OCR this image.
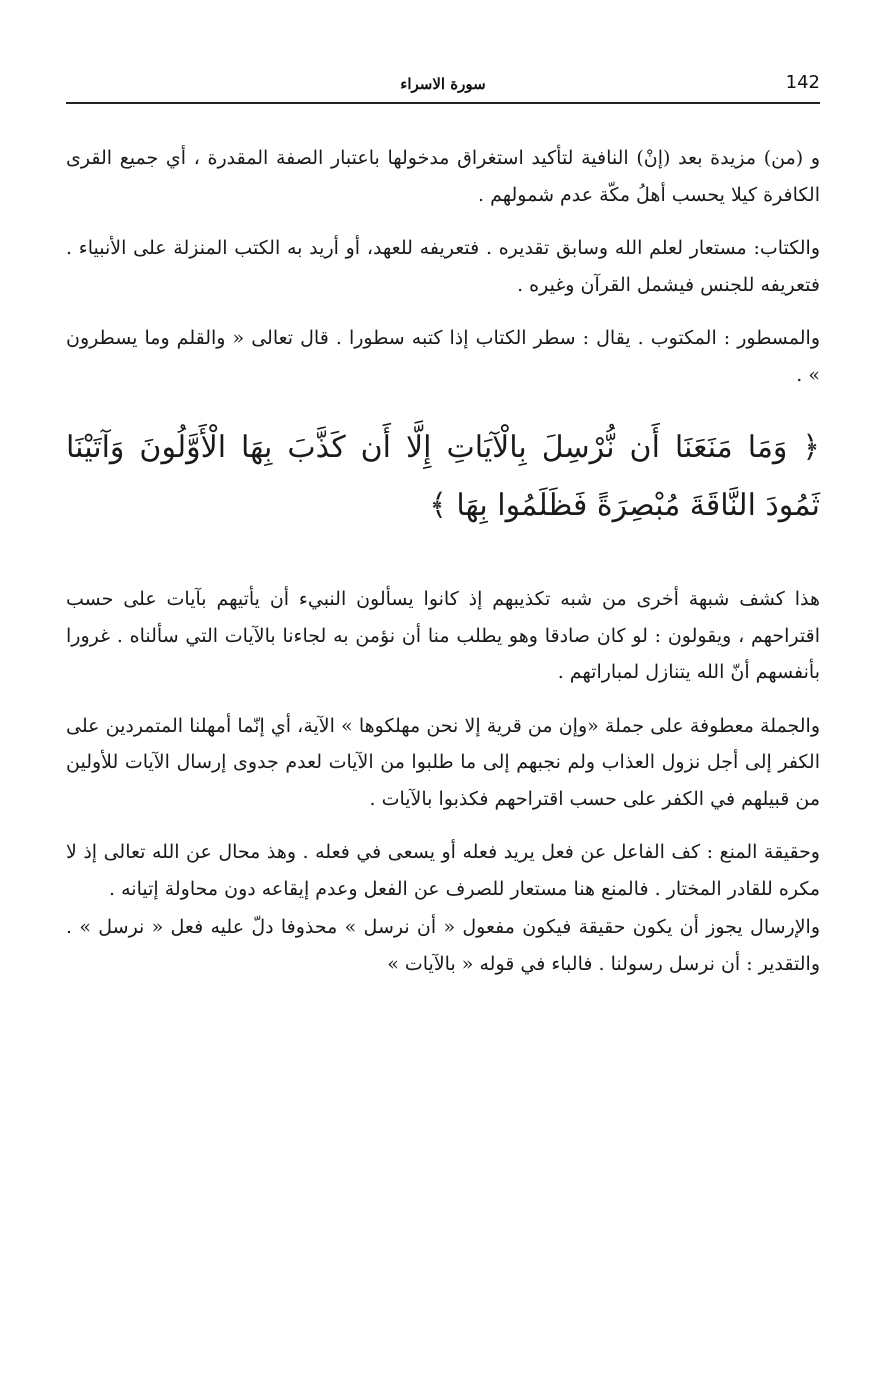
142
سورة الاسراء

و (من) مزيدة بعد (إنْ) النافية لتأكيد استغراق مدخولها باعتبار الصفة المقدرة ، أي جميع القرى الكافرة كيلا يحسب أهلُ مكّة عدم شمولهم .

والكتاب: مستعار لعلم الله وسابق تقديره . فتعريفه للعهد، أو أريد به الكتب المنزلة على الأنبياء . فتعريفه للجنس فيشمل القرآن وغيره .

والمسطور : المكتوب . يقال : سطر الكتاب إذا كتبه سطورا . قال تعالى « والقلم وما يسطرون » .

﴿ وَمَا مَنَعَنَا أَن نُّرْسِلَ بِالْآيَاتِ إِلَّا أَن كَذَّبَ بِهَا الْأَوَّلُونَ وَآتَيْنَا ثَمُودَ النَّاقَةَ مُبْصِرَةً فَظَلَمُوا بِهَا ﴾

هذا كشف شبهة أخرى من شبه تكذيبهم إذ كانوا يسألون النبيء أن يأتيهم بآيات على حسب اقتراحهم ، ويقولون : لو كان صادقا وهو يطلب منا أن نؤمن به لجاءنا بالآيات التي سألناه . غرورا بأنفسهم أنّ الله يتنازل لمباراتهم .

والجملة معطوفة على جملة «وإن من قرية إلا نحن مهلكوها » الآية، أي إنّما أمهلنا المتمردين على الكفر إلى أجل نزول العذاب ولم نجبهم إلى ما طلبوا من الآيات لعدم جدوى إرسال الآيات للأولين من قبيلهم في الكفر على حسب اقتراحهم فكذبوا بالآيات .

وحقيقة المنع : كف الفاعل عن فعل يريد فعله أو يسعى في فعله . وهذ محال عن الله تعالى إذ لا مكره للقادر المختار . فالمنع هنا مستعار للصرف عن الفعل وعدم إيقاعه دون محاولة إتيانه .

والإرسال يجوز أن يكون حقيقة فيكون مفعول « أن نرسل » محذوفا دلّ عليه فعل « نرسل » . والتقدير : أن نرسل رسولنا . فالباء في قوله « بالآيات »
